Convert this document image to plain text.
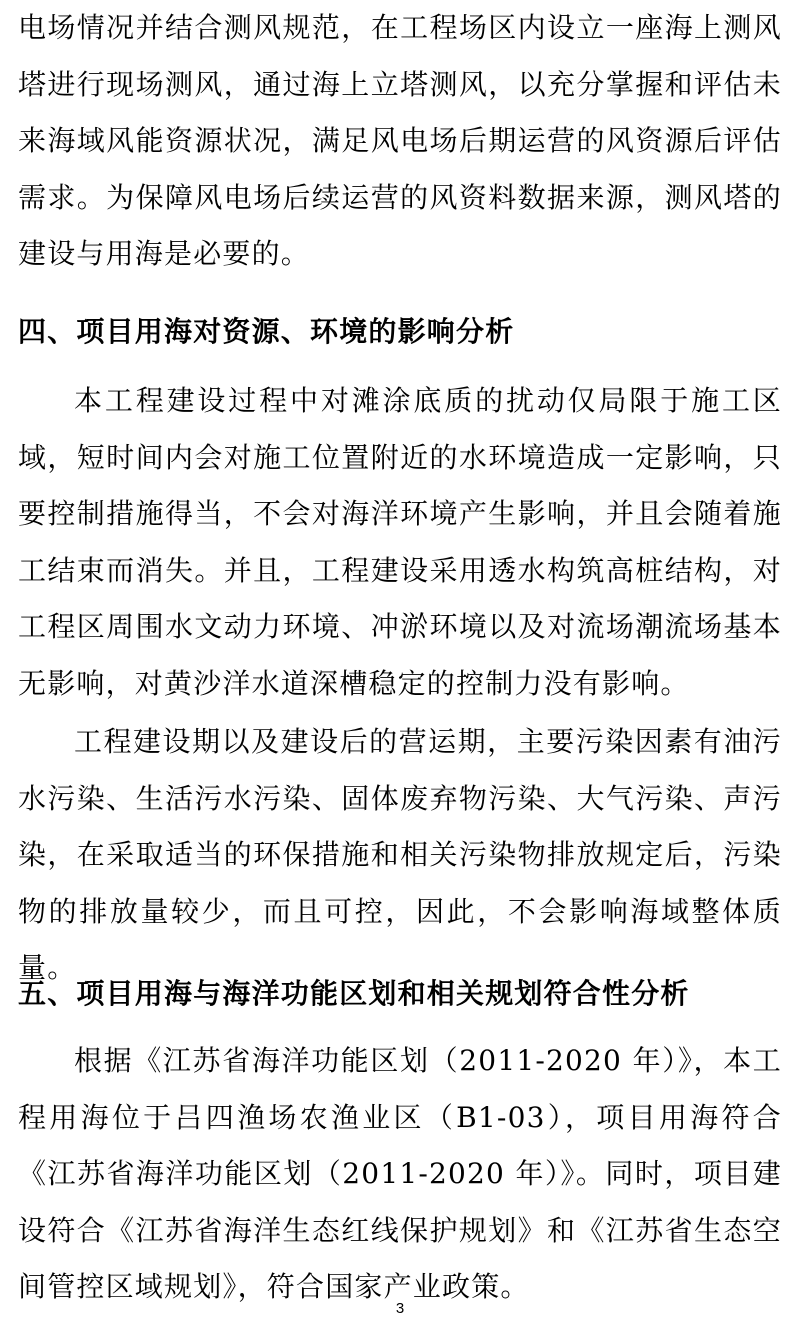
电场情况并结合测风规范，在工程场区内设立一座海上测风塔进行现场测风，通过海上立塔测风，以充分掌握和评估未来海域风能资源状况，满足风电场后期运营的风资源后评估需求。为保障风电场后续运营的风资料数据来源，测风塔的建设与用海是必要的。

四、项目用海对资源、环境的影响分析

本工程建设过程中对滩涂底质的扰动仅局限于施工区域，短时间内会对施工位置附近的水环境造成一定影响，只要控制措施得当，不会对海洋环境产生影响，并且会随着施工结束而消失。并且，工程建设采用透水构筑高桩结构，对工程区周围水文动力环境、冲淤环境以及对流场潮流场基本无影响，对黄沙洋水道深槽稳定的控制力没有影响。

工程建设期以及建设后的营运期，主要污染因素有油污水污染、生活污水污染、固体废弃物污染、大气污染、声污染，在采取适当的环保措施和相关污染物排放规定后，污染物的排放量较少，而且可控，因此，不会影响海域整体质量。

五、项目用海与海洋功能区划和相关规划符合性分析

根据《江苏省海洋功能区划（2011-2020 年）》，本工程用海位于吕四渔场农渔业区（B1-03），项目用海符合《江苏省海洋功能区划（2011-2020 年）》。同时，项目建设符合《江苏省海洋生态红线保护规划》和《江苏省生态空间管控区域规划》，符合国家产业政策。

3
